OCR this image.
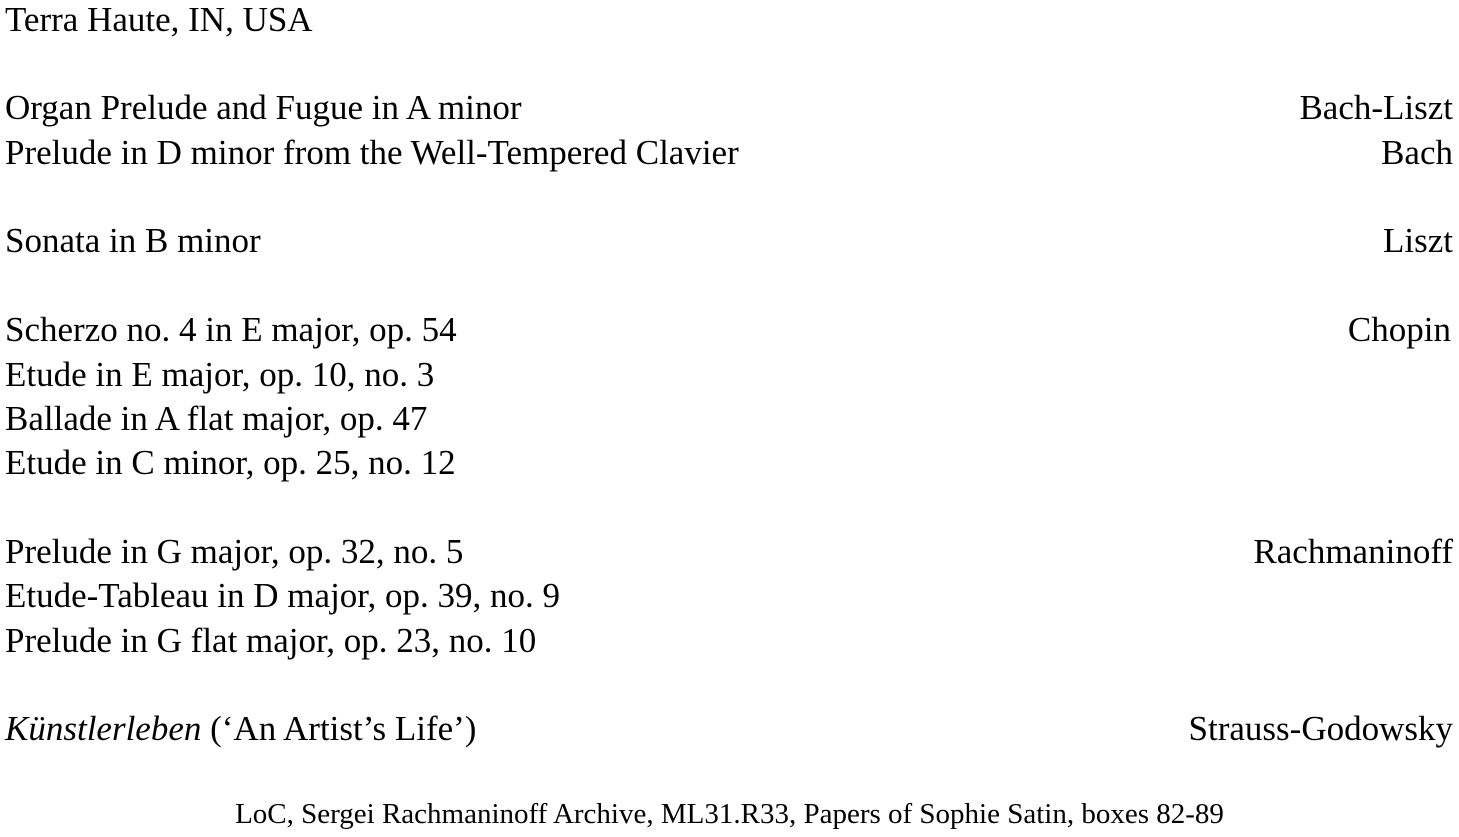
Terra Haute, IN, USA
Organ Prelude and Fugue in A minor	Bach-Liszt
Prelude in D minor from the Well-Tempered Clavier	Bach
Sonata in B minor	Liszt
Scherzo no. 4 in E major, op. 54	Chopin
Etude in E major, op. 10, no. 3
Ballade in A flat major, op. 47
Etude in C minor, op. 25, no. 12
Prelude in G major, op. 32, no. 5	Rachmaninoff
Etude-Tableau in D major, op. 39, no. 9
Prelude in G flat major, op. 23, no. 10
Künstlerleben (‘An Artist’s Life’)	Strauss-Godowsky
LoC, Sergei Rachmaninoff Archive, ML31.R33, Papers of Sophie Satin, boxes 82-89
